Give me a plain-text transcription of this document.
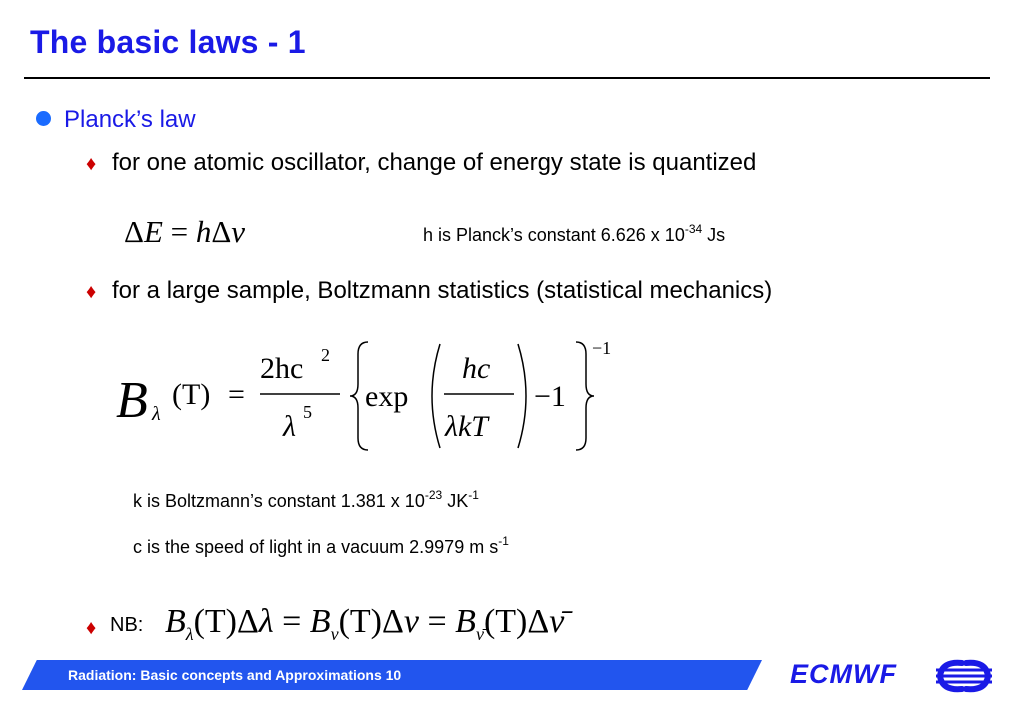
The basic laws - 1
Planck’s law
♦ for one atomic oscillator, change of energy state is quantized
ΔE = hΔν	h is Planck’s constant 6.626 x $10^{-34}$ Js
♦ for a large sample, Boltzmann statistics (statistical mechanics)
B λ
(T) =
2hc 2
λ 5 exp
hc
λkT
−1
−1
k is Boltzmann’s constant 1.381 x $10^{-23}$ $JK^{-1}$
c is the speed of light in a vacuum 2.9979 m $s^{-1}$
♦ NB: $B_\lambda(T)\Delta\lambda = B_\nu(T)\Delta\nu$ = $B_{\nū}(T)\Delta\nū$
Radiation: Basic concepts and Approximations 10	ECMWF
